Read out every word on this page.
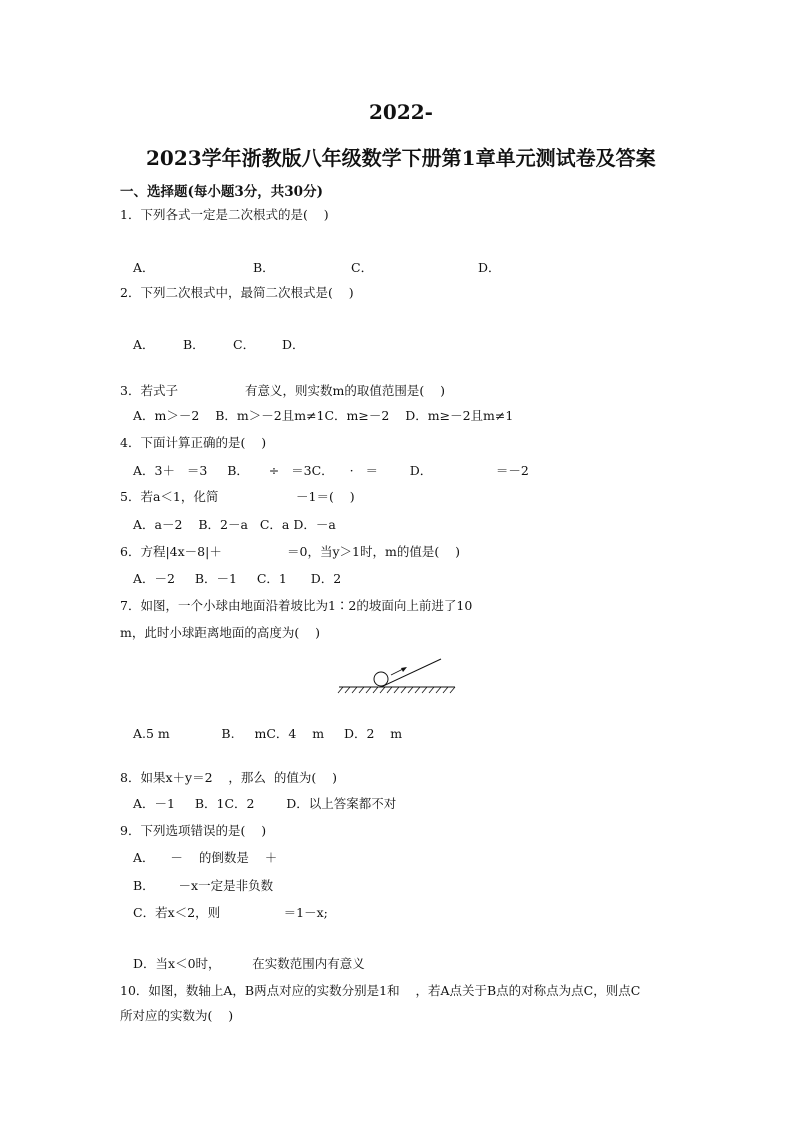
2022-
2023学年浙教版八年级数学下册第1章单元测试卷及答案
一、选择题(每小题3分，共30分)
1．下列各式一定是二次根式的是(    )
A．	B．	C．	D．
2．下列二次根式中，最简二次根式是(    )
A． B． C． D．
3．若式子	有意义，则实数m的取值范围是(    )
A．m＞－2    B．m＞－2且m≠1C．m≥－2    D．m≥－2且m≠1
4．下面计算正确的是(    )
A．3＋   ＝3     B．     ÷   ＝3C．    ·   ＝        D．                ＝－2
5．若a＜1，化简	－1＝(    )
A．a－2    B．2－a   C．a D．－a
6．方程|4x－8|＋	＝0，当y＞1时，m的值是(    )
A．－2     B．－1     C．1      D．2
7．如图，一个小球由地面沿着坡比为1∶2的坡面向上前进了10
m，此时小球距离地面的高度为(    )
A.5 m             B.     mC．4    m     D．2    m
8．如果x＋y＝2    ，那么  的值为(    )
A．－1     B．1C．2        D．以上答案都不对
9．下列选项错误的是(    )
A．    －    的倒数是    ＋
B．      －x一定是非负数
C．若x＜2，则                ＝1－x;
D．当x＜0时，        在实数范围内有意义
10．如图，数轴上A，B两点对应的实数分别是1和    ，若A点关于B点的对称点为点C，则点C
所对应的实数为(    )
